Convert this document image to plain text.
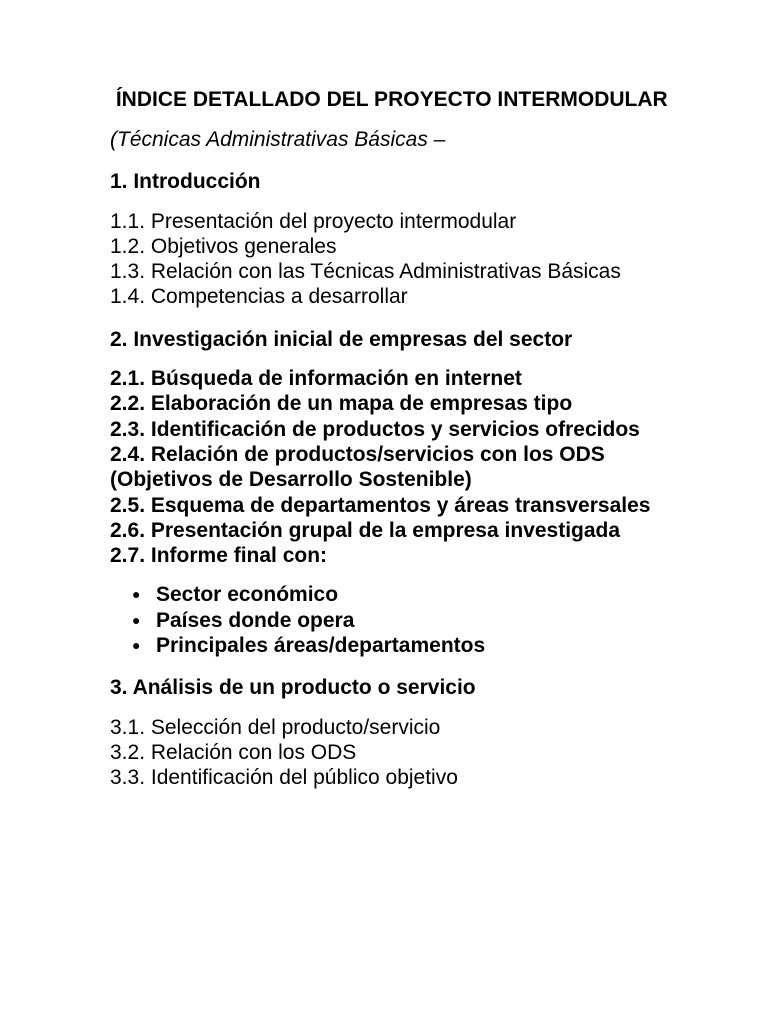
ÍNDICE DETALLADO DEL PROYECTO INTERMODULAR

(Técnicas Administrativas Básicas –

1. Introducción

1.1. Presentación del proyecto intermodular
1.2. Objetivos generales
1.3. Relación con las Técnicas Administrativas Básicas
1.4. Competencias a desarrollar

2. Investigación inicial de empresas del sector

2.1. Búsqueda de información en internet
2.2. Elaboración de un mapa de empresas tipo
2.3. Identificación de productos y servicios ofrecidos
2.4. Relación de productos/servicios con los ODS (Objetivos de Desarrollo Sostenible)
2.5. Esquema de departamentos y áreas transversales
2.6. Presentación grupal de la empresa investigada
2.7. Informe final con:
● Sector económico
● Países donde opera
● Principales áreas/departamentos

3. Análisis de un producto o servicio

3.1. Selección del producto/servicio
3.2. Relación con los ODS
3.3. Identificación del público objetivo
